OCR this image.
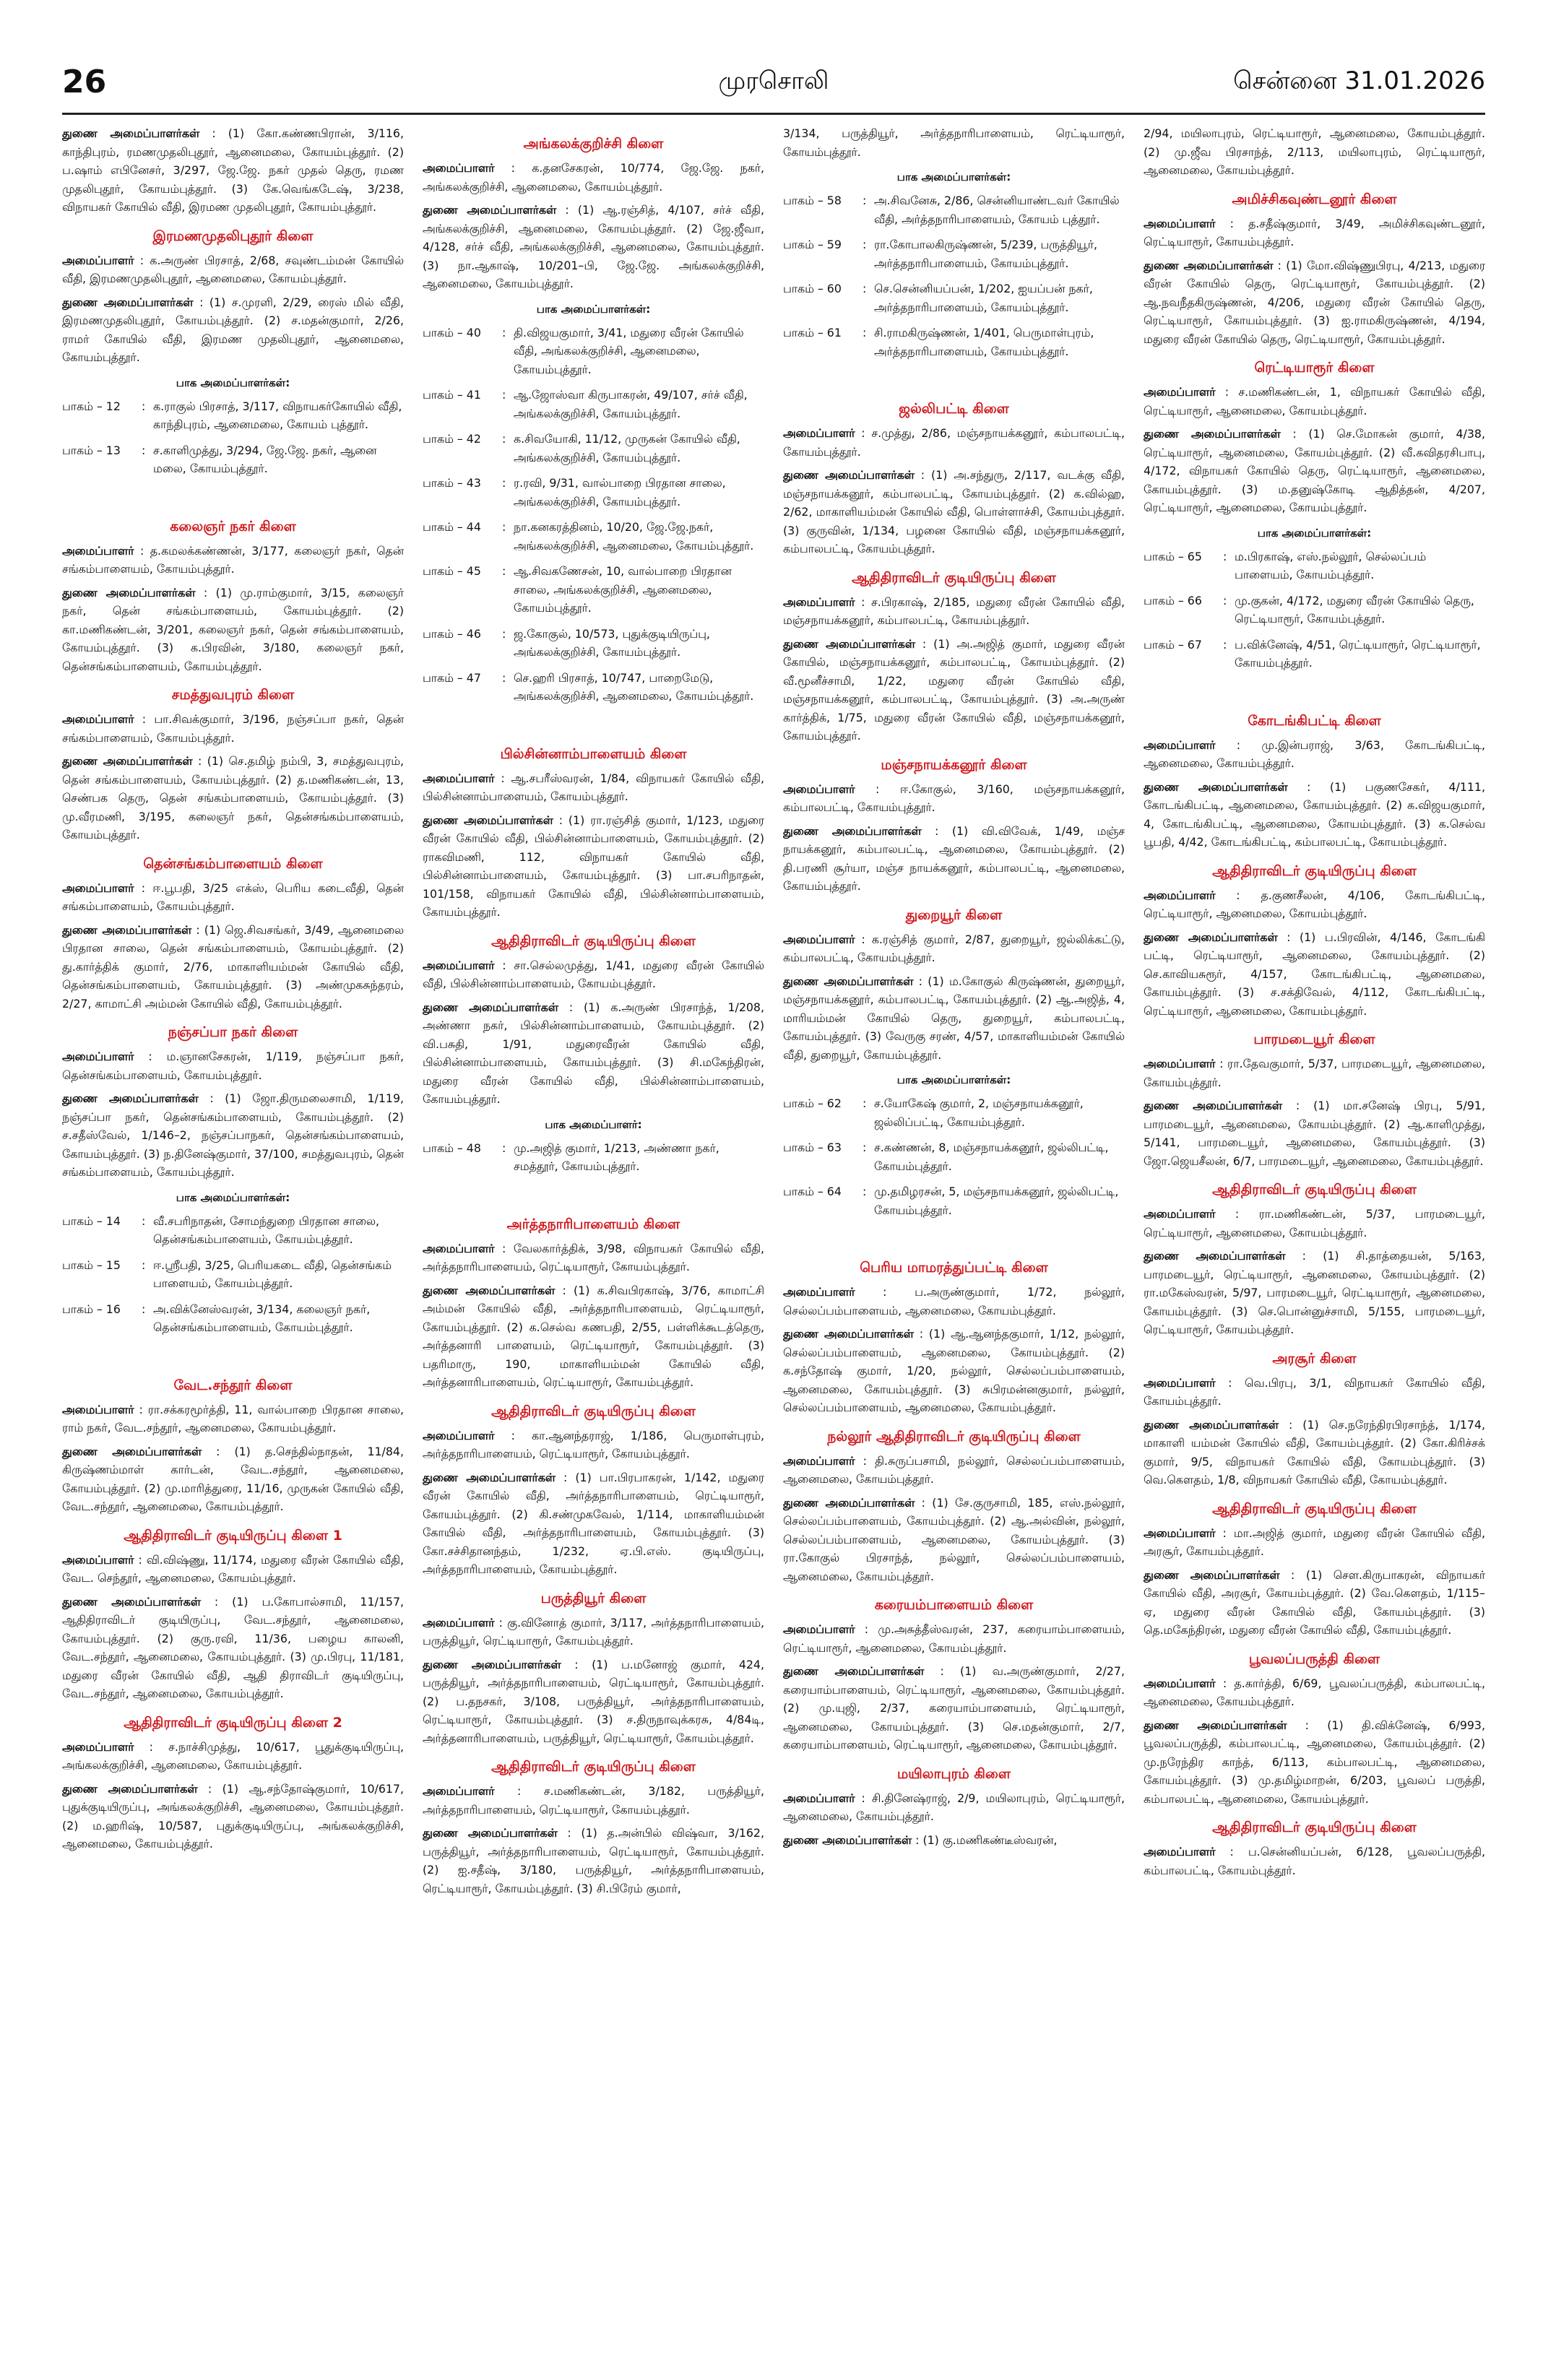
26	முரசொலி	சென்னை 31.01.2026
துணை அமைப்பாளர்கள் : (1) கோ.கண்ணபிரான், 3/116, காந்திபுரம், ரமணமுதலிபுதூர், ஆனைமலை, கோயம்புத்தூர். (2) ப.ஷாம் எபினேசர், 3/297, ஜே.ஜே. நகர் முதல் தெரு, ரமண முதலிபுதூர், கோயம்புத்தூர். (3) கே.வெங்கடேஷ், 3/238, விநாயகர் கோயில் வீதி, இரமண முதலிபுதூர், கோயம்புத்தூர்.
இரமணமுதலிபுதூர் கிளை
அமைப்பாளர் : க.அருண் பிரசாத், 2/68, சவுண்டம்மன் கோயில் வீதி, இரமணமுதலிபுதூர், ஆனைமலை, கோயம்புத்தூர்.
துணை அமைப்பாளர்கள் : (1) ச.முரளி, 2/29, ரைஸ் மில் வீதி, இரமணமுதலிபுதூர், கோயம்புத்தூர். (2) ச.மதன்குமார், 2/26, ராமர் கோயில் வீதி, இரமண முதலிபுதூர், ஆனைமலை, கோயம்புத்தூர்.
பாக அமைப்பாளர்கள்:
பாகம் – 12	: க.ராகுல் பிரசாத், 3/117, விநாயகர்கோயில் வீதி, காந்திபுரம், ஆனைமலை, கோயம் புத்தூர்.
பாகம் – 13	: ச.காளிமுத்து, 3/294, ஜே.ஜே. நகர், ஆனை மலை, கோயம்புத்தூர்.
கலைஞர் நகர் கிளை
அமைப்பாளர் : த.கமலக்கண்ணன், 3/177, கலைஞர் நகர், தென் சங்கம்பாளையம், கோயம்புத்தூர்.
துணை அமைப்பாளர்கள் : (1) மு.ராம்குமார், 3/15, கலைஞர் நகர், தென் சங்கம்பாளையம், கோயம்புத்தூர். (2) கா.மணிகண்டன், 3/201, கலைஞர் நகர், தென் சங்கம்பாளையம், கோயம்புத்தூர். (3) க.பிரவின், 3/180, கலைஞர் நகர், தென்சங்கம்பாளையம், கோயம்புத்தூர்.
சமத்துவபுரம் கிளை
அமைப்பாளர் : பா.சிவக்குமார், 3/196, நஞ்சப்பா நகர், தென் சங்கம்பாளையம், கோயம்புத்தூர்.
துணை அமைப்பாளர்கள் : (1) செ.தமிழ் நம்பி, 3, சமத்துவபுரம், தென் சங்கம்பாளையம், கோயம்புத்தூர். (2) த.மணிகண்டன், 13, செண்பக தெரு, தென் சங்கம்பாளையம், கோயம்புத்தூர். (3) மு.வீரமணி, 3/195, கலைஞர் நகர், தென்சங்கம்பாளையம், கோயம்புத்தூர்.
தென்சங்கம்பாளையம் கிளை
அமைப்பாளர் : ஈ.பூபதி, 3/25 எக்ஸ், பெரிய கடைவீதி, தென் சங்கம்பாளையம், கோயம்புத்தூர்.
துணை அமைப்பாளர்கள் : (1) ஜெ.சிவசங்கர், 3/49, ஆனைமலை பிரதான சாலை, தென் சங்கம்பாளையம், கோயம்புத்தூர். (2) து.கார்த்திக் குமார், 2/76, மாகாளியம்மன் கோயில் வீதி, தென்சங்கம்பாளையம், கோயம்புத்தூர். (3) அண்முகசுந்தரம், 2/27, காமாட்சி அம்மன் கோயில் வீதி, கோயம்புத்தூர்.
நஞ்சப்பா நகர் கிளை
அமைப்பாளர் : ம.ஞானசேகரன், 1/119, நஞ்சப்பா நகர், தென்சங்கம்பாளையம், கோயம்புத்தூர்.
துணை அமைப்பாளர்கள் : (1) ஜோ.திருமலைசாமி, 1/119, நஞ்சப்பா நகர், தென்சங்கம்பாளையம், கோயம்புத்தூர். (2) ச.சதீஸ்வேல், 1/146–2, நஞ்சப்பாநகர், தென்சங்கம்பாளையம், கோயம்புத்தூர். (3) ந.தினேஷ்குமார், 37/100, சமத்துவபுரம், தென் சங்கம்பாளையம், கோயம்புத்தூர்.
பாக அமைப்பாளர்கள்:
பாகம் – 14	: வீ.சபரிநாதன், சோமந்துறை பிரதான சாலை, தென்சங்கம்பாளையம், கோயம்புத்தூர்.
பாகம் – 15	: ஈ.ஸ்ரீபதி, 3/25, பெரியகடை வீதி, தென்சங்கம் பாளையம், கோயம்புத்தூர்.
பாகம் – 16	: அ.விக்னேஸ்வரன், 3/134, கலைஞர் நகர், தென்சங்கம்பாளையம், கோயம்புத்தூர்.
வேட.சந்தூர் கிளை
அமைப்பாளர் : ரா.சக்கரமூர்த்தி, 11, வால்பாறை பிரதான சாலை, ராம் நகர், வேட.சந்தூர், ஆனைமலை, கோயம்புத்தூர்.
துணை அமைப்பாளர்கள் : (1) த.செந்தில்நாதன், 11/84, கிருஷ்ணம்மாள் கார்டன், வேட.சந்தூர், ஆனைமலை, கோயம்புத்தூர். (2) மு.மாரித்துரை, 11/16, முருகன் கோயில் வீதி, வேட.சந்தூர், ஆனைமலை, கோயம்புத்தூர்.
ஆதிதிராவிடர் குடியிருப்பு கிளை 1
அமைப்பாளர் : வி.விஷ்ணு, 11/174, மதுரை வீரன் கோயில் வீதி, வேட. செந்தூர், ஆனைமலை, கோயம்புத்தூர்.
துணை அமைப்பாளர்கள் : (1) ப.கோபால்சாமி, 11/157, ஆதிதிராவிடர் குடியிருப்பு, வேட.சந்தூர், ஆனைமலை, கோயம்புத்தூர். (2) குரு.ரவி, 11/36, பழைய காலனி, வேட.சந்தூர், ஆனைமலை, கோயம்புத்தூர். (3) மு.பிரபு, 11/181, மதுரை வீரன் கோயில் வீதி, ஆதி திராவிடர் குடியிருப்பு, வேட.சந்தூர், ஆனைமலை, கோயம்புத்தூர்.
ஆதிதிராவிடர் குடியிருப்பு கிளை 2
அமைப்பாளர் : ச.நாச்சிமுத்து, 10/617, பூதுக்குடியிருப்பு, அங்கலக்குறிச்சி, ஆனைமலை, கோயம்புத்தூர்.
துணை அமைப்பாளர்கள் : (1) ஆ.சந்தோஷ்குமார், 10/617, புதுக்குடியிருப்பு, அங்கலக்குறிச்சி, ஆனைமலை, கோயம்புத்தூர். (2) ம.ஹரிஷ், 10/587, புதுக்குடியிருப்பு, அங்கலக்குறிச்சி, ஆனைமலை, கோயம்புத்தூர்.
அங்கலக்குறிச்சி கிளை
அமைப்பாளர் : க.தனசேகரன், 10/774, ஜே.ஜே. நகர், அங்கலக்குறிச்சி, ஆனைமலை, கோயம்புத்தூர்.
துணை அமைப்பாளர்கள் : (1) ஆ.ரஞ்சித், 4/107, சர்ச் வீதி, அங்கலக்குறிச்சி, ஆனைமலை, கோயம்புத்தூர். (2) ஜே.ஜீவா, 4/128, சர்ச் வீதி, அங்கலக்குறிச்சி, ஆனைமலை, கோயம்புத்தூர். (3) நா.ஆகாஷ், 10/201–பி, ஜே.ஜே. அங்கலக்குறிச்சி, ஆனைமலை, கோயம்புத்தூர்.
பாக அமைப்பாளர்கள்:
பாகம் – 40	: தி.விஜயகுமார், 3/41, மதுரை வீரன் கோயில் வீதி, அங்கலக்குறிச்சி, ஆனைமலை, கோயம்புத்தூர்.
பாகம் – 41	: ஆ.ஜோஸ்வா கிருபாகரன், 49/107, சர்ச் வீதி, அங்கலக்குறிச்சி, கோயம்புத்தூர்.
பாகம் – 42	: க.சிவயோகி, 11/12, முருகன் கோயில் வீதி, அங்கலக்குறிச்சி, கோயம்புத்தூர்.
பாகம் – 43	: ர.ரவி, 9/31, வால்பாறை பிரதான சாலை, அங்கலக்குறிச்சி, கோயம்புத்தூர்.
பாகம் – 44	: நா.கனகரத்தினம், 10/20, ஜே.ஜே.நகர், அங்கலக்குறிச்சி, ஆனைமலை, கோயம்புத்தூர்.
பாகம் – 45	: ஆ.சிவகணேசன், 10, வால்பாறை பிரதான சாலை, அங்கலக்குறிச்சி, ஆனைமலை, கோயம்புத்தூர்.
பாகம் – 46	: ஜ.கோகுல், 10/573, புதுக்குடியிருப்பு, அங்கலக்குறிச்சி, கோயம்புத்தூர்.
பாகம் – 47	: செ.ஹரி பிரசாத், 10/747, பாறைமேடு, அங்கலக்குறிச்சி, ஆனைமலை, கோயம்புத்தூர்.
பில்சின்னாம்பாளையம் கிளை
அமைப்பாளர் : ஆ.சபரீஸ்வரன், 1/84, விநாயகர் கோயில் வீதி, பில்சின்னாம்பாளையம், கோயம்புத்தூர்.
துணை அமைப்பாளர்கள் : (1) ரா.ரஞ்சித் குமார், 1/123, மதுரை வீரன் கோயில் வீதி, பில்சின்னாம்பாளையம், கோயம்புத்தூர். (2) ராகவிமணி, 112, விநாயகர் கோயில் வீதி, பில்சின்னாம்பாளையம், கோயம்புத்தூர். (3) பா.சபரிநாதன், 101/158, விநாயகர் கோயில் வீதி, பில்சின்னாம்பாளையம், கோயம்புத்தூர்.
ஆதிதிராவிடர் குடியிருப்பு கிளை
அமைப்பாளர் : சா.செல்லமுத்து, 1/41, மதுரை வீரன் கோயில் வீதி, பில்சின்னாம்பாளையம், கோயம்புத்தூர்.
துணை அமைப்பாளர்கள் : (1) க.அருண் பிரசாந்த், 1/208, அண்ணா நகர், பில்சின்னாம்பாளையம், கோயம்புத்தூர். (2) வி.பசுதி, 1/91, மதுரைவீரன் கோயில் வீதி, பில்சின்னாம்பாளையம், கோயம்புத்தூர். (3) சி.மகேந்திரன், மதுரை வீரன் கோயில் வீதி, பில்சின்னாம்பாளையம், கோயம்புத்தூர்.
பாக அமைப்பாளர்:
பாகம் – 48	: மு.அஜித் குமார், 1/213, அண்ணா நகர், சமத்தூர், கோயம்புத்தூர்.
அர்த்தநாரிபாளையம் கிளை
அமைப்பாளர் : வேலகார்த்திக், 3/98, விநாயகர் கோயில் வீதி, அர்த்தநாரிபாளையம், ரெட்டியாரூர், கோயம்புத்தூர்.
துணை அமைப்பாளர்கள் : (1) க.சிவபிரகாஷ், 3/76, காமாட்சி அம்மன் கோயில் வீதி, அர்த்தநாரிபாளையம், ரெட்டியாரூர், கோயம்புத்தூர். (2) க.செல்வ கணபதி, 2/55, பள்ளிக்கூடத்தெரு, அர்த்தனாரி பாளையம், ரெட்டியாரூர், கோயம்புத்தூர். (3) பதரிமாரு, 190, மாகாளியம்மன் கோயில் வீதி, அர்த்தனாரிபாளையம், ரெட்டியாரூர், கோயம்புத்தூர்.
ஆதிதிராவிடர் குடியிருப்பு கிளை
அமைப்பாளர் : கா.ஆனந்தராஜ், 1/186, பெருமாள்புரம், அர்த்தநாரிபாளையம், ரெட்டியாரூர், கோயம்புத்தூர்.
துணை அமைப்பாளர்கள் : (1) பா.பிரபாகரன், 1/142, மதுரை வீரன் கோயில் வீதி, அர்த்தநாரிபாளையம், ரெட்டியாரூர், கோயம்புத்தூர். (2) கி.சண்முகவேல், 1/114, மாகாளியம்மன் கோயில் வீதி, அர்த்தநாரிபாளையம், கோயம்புத்தூர். (3) கோ.சச்சிதானந்தம், 1/232, ஏ.பி.எஸ். குடியிருப்பு, அர்த்தநாரிபாளையம், கோயம்புத்தூர்.
பருத்தியூர் கிளை
அமைப்பாளர் : கு.வினோத் குமார், 3/117, அர்த்தநாரிபாளையம், பருத்தியூர், ரெட்டியாரூர், கோயம்புத்தூர்.
துணை அமைப்பாளர்கள் : (1) ப.மனோஜ் குமார், 424, பருத்தியூர், அர்த்தநாரிபாளையம், ரெட்டியாரூர், கோயம்புத்தூர். (2) ப.தநசகர், 3/108, பருத்தியூர், அர்த்தநாரிபாளையம், ரெட்டியாரூர், கோயம்புத்தூர். (3) ச.திருநாவுக்கரசு, 4/84டி, அர்த்தனாரிபாளையம், பருத்தியூர், ரெட்டியாரூர், கோயம்புத்தூர்.
ஆதிதிராவிடர் குடியிருப்பு கிளை
அமைப்பாளர் : ச.மணிகண்டன், 3/182, பருத்தியூர், அர்த்தநாரிபாளையம், ரெட்டியாரூர், கோயம்புத்தூர்.
துணை அமைப்பாளர்கள் : (1) த.அன்பில் விஷ்வா, 3/162, பருத்தியூர், அர்த்தநாரிபாளையம், ரெட்டியாரூர், கோயம்புத்தூர். (2) ஐ.சதீஷ், 3/180, பருத்தியூர், அர்த்தநாரிபாளையம், ரெட்டியாரூர், கோயம்புத்தூர். (3) சி.பிரேம் குமார்,
3/134, பருத்தியூர், அர்த்தநாரிபாளையம், ரெட்டியாரூர், கோயம்புத்தூர்.
பாக அமைப்பாளர்கள்:
பாகம் – 58	: அ.சிவனேசு, 2/86, சென்னியாண்டவர் கோயில் வீதி, அர்த்தநாரிபாளையம், கோயம் புத்தூர்.
பாகம் – 59	: ரா.கோபாலகிருஷ்ணன், 5/239, பருத்தியூர், அர்த்தநாரிபாளையம், கோயம்புத்தூர்.
பாகம் – 60	: செ.சென்னியப்பன், 1/202, ஐயப்பன் நகர், அர்த்தநாரிபாளையம், கோயம்புத்தூர்.
பாகம் – 61	: சி.ராமகிருஷ்ணன், 1/401, பெருமாள்புரம், அர்த்தநாரிபாளையம், கோயம்புத்தூர்.
ஜல்லிபட்டி கிளை
அமைப்பாளர் : ச.முத்து, 2/86, மஞ்சநாயக்கனூர், கம்பாலபட்டி, கோயம்புத்தூர்.
துணை அமைப்பாளர்கள் : (1) அ.சந்துரு, 2/117, வடக்கு வீதி, மஞ்சநாயக்கனூர், கம்பாலபட்டி, கோயம்புத்தூர். (2) க.வில்ஹ, 2/62, மாகாளியம்மன் கோயில் வீதி, பொள்ளாச்சி, கோயம்புத்தூர். (3) குருவின், 1/134, பழனை கோயில் வீதி, மஞ்சநாயக்கனூர், கம்பாலபட்டி, கோயம்புத்தூர்.
ஆதிதிராவிடர் குடியிருப்பு கிளை
அமைப்பாளர் : ச.பிரகாஷ், 2/185, மதுரை வீரன் கோயில் வீதி, மஞ்சநாயக்கனூர், கம்பாலபட்டி, கோயம்புத்தூர்.
துணை அமைப்பாளர்கள் : (1) அ.அஜித் குமார், மதுரை வீரன் கோயில், மஞ்சநாயக்கனூர், கம்பாலபட்டி, கோயம்புத்தூர். (2) வீ.மூனீச்சாமி, 1/22, மதுரை வீரன் கோயில் வீதி, மஞ்சநாயக்கனூர், கம்பாலபட்டி, கோயம்புத்தூர். (3) அ.அருண் கார்த்திக், 1/75, மதுரை வீரன் கோயில் வீதி, மஞ்சநாயக்கனூர், கோயம்புத்தூர்.
மஞ்சநாயக்கனூர் கிளை
அமைப்பாளர் : ஈ.கோகுல், 3/160, மஞ்சநாயக்கனூர், கம்பாலபட்டி, கோயம்புத்தூர்.
துணை அமைப்பாளர்கள் : (1) வி.விவேக், 1/49, மஞ்ச நாயக்கனூர், கம்பாலபட்டி, ஆனைமலை, கோயம்புத்தூர். (2) தி.பரணி சூர்யா, மஞ்ச நாயக்கனூர், கம்பாலபட்டி, ஆனைமலை, கோயம்புத்தூர்.
துறையூர் கிளை
அமைப்பாளர் : க.ரஞ்சித் குமார், 2/87, துறையூர், ஜல்லிக்கட்டு, கம்பாலபட்டி, கோயம்புத்தூர்.
துணை அமைப்பாளர்கள் : (1) ம.கோகுல் கிருஷ்ணன், துறையூர், மஞ்சநாயக்கனூர், கம்பாலபட்டி, கோயம்புத்தூர். (2) ஆ.அஜித், 4, மாரியம்மன் கோயில் தெரு, துறையூர், கம்பாலபட்டி, கோயம்புத்தூர். (3) வேருகு சரண், 4/57, மாகாளியம்மன் கோயில் வீதி, துறையூர், கோயம்புத்தூர்.
பாக அமைப்பாளர்கள்:
பாகம் – 62	: ச.யோகேஷ் குமார், 2, மஞ்சநாயக்கனூர், ஜல்லிப்பட்டி, கோயம்புத்தூர்.
பாகம் – 63	: ச.கண்ணன், 8, மஞ்சநாயக்கனூர், ஜல்லிபட்டி, கோயம்புத்தூர்.
பாகம் – 64	: மு.தமிழரசன், 5, மஞ்சநாயக்கனூர், ஜல்லிபட்டி, கோயம்புத்தூர்.
பெரிய மாமரத்துப்பட்டி கிளை
அமைப்பாளர் : ப.அருண்குமார், 1/72, நல்லூர், செல்லப்பம்பாளையம், ஆனைமலை, கோயம்புத்தூர்.
துணை அமைப்பாளர்கள் : (1) ஆ.ஆனந்தகுமார், 1/12, நல்லூர், செல்லப்பம்பாளையம், ஆனைமலை, கோயம்புத்தூர். (2) க.சந்தோஷ் குமார், 1/20, நல்லூர், செல்லப்பம்பாளையம், ஆனைமலை, கோயம்புத்தூர். (3) சுபிரமன்னகுமார், நல்லூர், செல்லப்பம்பாளையம், ஆனைமலை, கோயம்புத்தூர்.
நல்லூர் ஆதிதிராவிடர் குடியிருப்பு கிளை
அமைப்பாளர் : தி.சுருப்பசாமி, நல்லூர், செல்லப்பம்பாளையம், ஆனைமலை, கோயம்புத்தூர்.
துணை அமைப்பாளர்கள் : (1) சே.குருசாமி, 185, எஸ்.நல்லூர், செல்லப்பம்பாளையம், கோயம்புத்தூர். (2) ஆ.அல்வின், நல்லூர், செல்லப்பம்பாளையம், ஆனைமலை, கோயம்புத்தூர். (3) ரா.கோகுல் பிரசாந்த், நல்லூர், செல்லப்பம்பாளையம், ஆனைமலை, கோயம்புத்தூர்.
கரையம்பாளையம் கிளை
அமைப்பாளர் : மு.அசுத்தீஸ்வரன், 237, கரையாம்பாளையம், ரெட்டியாரூர், ஆனைமலை, கோயம்புத்தூர்.
துணை அமைப்பாளர்கள் : (1) வ.அருண்குமார், 2/27, கரையாம்பாளையம், ரெட்டியாரூர், ஆனைமலை, கோயம்புத்தூர். (2) மு.யுஜி, 2/37, கரையாம்பாளையம், ரெட்டியாரூர், ஆனைமலை, கோயம்புத்தூர். (3) செ.மதன்குமார், 2/7, கரையாம்பாளையம், ரெட்டியாரூர், ஆனைமலை, கோயம்புத்தூர்.
மயிலாபுரம் கிளை
அமைப்பாளர் : சி.தினேஷ்ராஜ், 2/9, மயிலாபுரம், ரெட்டியாரூர், ஆனைமலை, கோயம்புத்தூர்.
துணை அமைப்பாளர்கள் : (1) கு.மணிகண்டீஸ்வரன்,
2/94, மயிலாபுரம், ரெட்டியாரூர், ஆனைமலை, கோயம்புத்தூர். (2) மு.ஜீவ பிரசாந்த், 2/113, மயிலாபுரம், ரெட்டியாரூர், ஆனைமலை, கோயம்புத்தூர்.
அமிச்சிகவுண்டனூர் கிளை
அமைப்பாளர் : த.சதீஷ்குமார், 3/49, அமிச்சிகவுண்டனூர், ரெட்டியாரூர், கோயம்புத்தூர்.
துணை அமைப்பாளர்கள் : (1) மோ.விஷ்ணுபிரபு, 4/213, மதுரை வீரன் கோயில் தெரு, ரெட்டியாரூர், கோயம்புத்தூர். (2) ஆ.நவநீதகிருஷ்ணன், 4/206, மதுரை வீரன் கோயில் தெரு, ரெட்டியாரூர், கோயம்புத்தூர். (3) ஐ.ராமகிருஷ்ணன், 4/194, மதுரை வீரன் கோயில் தெரு, ரெட்டியாரூர், கோயம்புத்தூர்.
ரெட்டியாரூர் கிளை
அமைப்பாளர் : ச.மணிகண்டன், 1, விநாயகர் கோயில் வீதி, ரெட்டியாரூர், ஆனைமலை, கோயம்புத்தூர்.
துணை அமைப்பாளர்கள் : (1) செ.மோகன் குமார், 4/38, ரெட்டியாரூர், ஆனைமலை, கோயம்புத்தூர். (2) வீ.கவிதரசிபாபு, 4/172, விநாயகர் கோயில் தெரு, ரெட்டியாரூர், ஆனைமலை, கோயம்புத்தூர். (3) ம.தனுஷ்கோடி ஆதித்தன், 4/207, ரெட்டியாரூர், ஆனைமலை, கோயம்புத்தூர்.
பாக அமைப்பாளர்கள்:
பாகம் – 65	: ம.பிரகாஷ், எஸ்.நல்லூர், செல்லப்பம் பாளையம், கோயம்புத்தூர்.
பாகம் – 66	: மு.குகன், 4/172, மதுரை வீரன் கோயில் தெரு, ரெட்டியாரூர், கோயம்புத்தூர்.
பாகம் – 67	: ப.விக்னேஷ், 4/51, ரெட்டியாரூர், ரெட்டியாரூர், கோயம்புத்தூர்.
கோடங்கிபட்டி கிளை
அமைப்பாளர் : மு.இன்பராஜ், 3/63, கோடங்கிபட்டி, ஆனைமலை, கோயம்புத்தூர்.
துணை அமைப்பாளர்கள் : (1) பகுணசேகர், 4/111, கோடங்கிபட்டி, ஆனைமலை, கோயம்புத்தூர். (2) க.விஜயகுமார், 4, கோடங்கிபட்டி, ஆனைமலை, கோயம்புத்தூர். (3) க.செல்வ பூபதி, 4/42, கோடங்கிபட்டி, கம்பாலபட்டி, கோயம்புத்தூர்.
ஆதிதிராவிடர் குடியிருப்பு கிளை
அமைப்பாளர் : த.குணசீலன், 4/106, கோடங்கிபட்டி, ரெட்டியாரூர், ஆனைமலை, கோயம்புத்தூர்.
துணை அமைப்பாளர்கள் : (1) ப.பிரவின், 4/146, கோடங்கி பட்டி, ரெட்டியாரூர், ஆனைமலை, கோயம்புத்தூர். (2) செ.காவியசுரூர், 4/157, கோடங்கிபட்டி, ஆனைமலை, கோயம்புத்தூர். (3) ச.சக்திவேல், 4/112, கோடங்கிபட்டி, ரெட்டியாரூர், ஆனைமலை, கோயம்புத்தூர்.
பாரமடையூர் கிளை
அமைப்பாளர் : ரா.தேவகுமார், 5/37, பாரமடையூர், ஆனைமலை, கோயம்புத்தூர்.
துணை அமைப்பாளர்கள் : (1) மா.சனேஷ் பிரபு, 5/91, பாரமடையூர், ஆனைமலை, கோயம்புத்தூர். (2) ஆ.காளிமுத்து, 5/141, பாரமடையூர், ஆனைமலை, கோயம்புத்தூர். (3) ஜோ.ஜெயசீலன், 6/7, பாரமடையூர், ஆனைமலை, கோயம்புத்தூர்.
ஆதிதிராவிடர் குடியிருப்பு கிளை
அமைப்பாளர் : ரா.மணிகண்டன், 5/37, பாரமடையூர், ரெட்டியாரூர், ஆனைமலை, கோயம்புத்தூர்.
துணை அமைப்பாளர்கள் : (1) சி.தாத்தையன், 5/163, பாரமடையூர், ரெட்டியாரூர், ஆனைமலை, கோயம்புத்தூர். (2) ரா.மகேஸ்வரன், 5/97, பாரமடையூர், ரெட்டியாரூர், ஆனைமலை, கோயம்புத்தூர். (3) செ.பொன்னுச்சாமி, 5/155, பாரமடையூர், ரெட்டியாரூர், கோயம்புத்தூர்.
அரசூர் கிளை
அமைப்பாளர் : வெ.பிரபு, 3/1, விநாயகர் கோயில் வீதி, கோயம்புத்தூர்.
துணை அமைப்பாளர்கள் : (1) செ.நரேந்திரபிரசாந்த், 1/174, மாகாளி யம்மன் கோயில் வீதி, கோயம்புத்தூர். (2) கோ.கிரிச்சக் குமார், 9/5, விநாயகர் கோயில் வீதி, கோயம்புத்தூர். (3) வெ.கௌதம், 1/8, விநாயகர் கோயில் வீதி, கோயம்புத்தூர்.
ஆதிதிராவிடர் குடியிருப்பு கிளை
அமைப்பாளர் : மா.அஜித் குமார், மதுரை வீரன் கோயில் வீதி, அரசூர், கோயம்புத்தூர்.
துணை அமைப்பாளர்கள் : (1) செள.கிருபாகரன், விநாயகர் கோயில் வீதி, அரசூர், கோயம்புத்தூர். (2) வே.கௌதம், 1/115–ஏ, மதுரை வீரன் கோயில் வீதி, கோயம்புத்தூர். (3) தெ.மகேந்திரன், மதுரை வீரன் கோயில் வீதி, கோயம்புத்தூர்.
பூவலப்பருத்தி கிளை
அமைப்பாளர் : த.கார்த்தி, 6/69, பூவலப்பருத்தி, கம்பாலபட்டி, ஆனைமலை, கோயம்புத்தூர்.
துணை அமைப்பாளர்கள் : (1) தி.விக்னேஷ், 6/993, பூவலப்பருத்தி, கம்பாலபட்டி, ஆனைமலை, கோயம்புத்தூர். (2) மு.நரேந்திர காந்த், 6/113, கம்பாலபட்டி, ஆனைமலை, கோயம்புத்தூர். (3) மு.தமிழ்மாறன், 6/203, பூவலப் பருத்தி, கம்பாலபட்டி, ஆனைமலை, கோயம்புத்தூர்.
ஆதிதிராவிடர் குடியிருப்பு கிளை
அமைப்பாளர் : ப.சென்னியப்பன், 6/128, பூவலப்பருத்தி, கம்பாலபட்டி, கோயம்புத்தூர்.
